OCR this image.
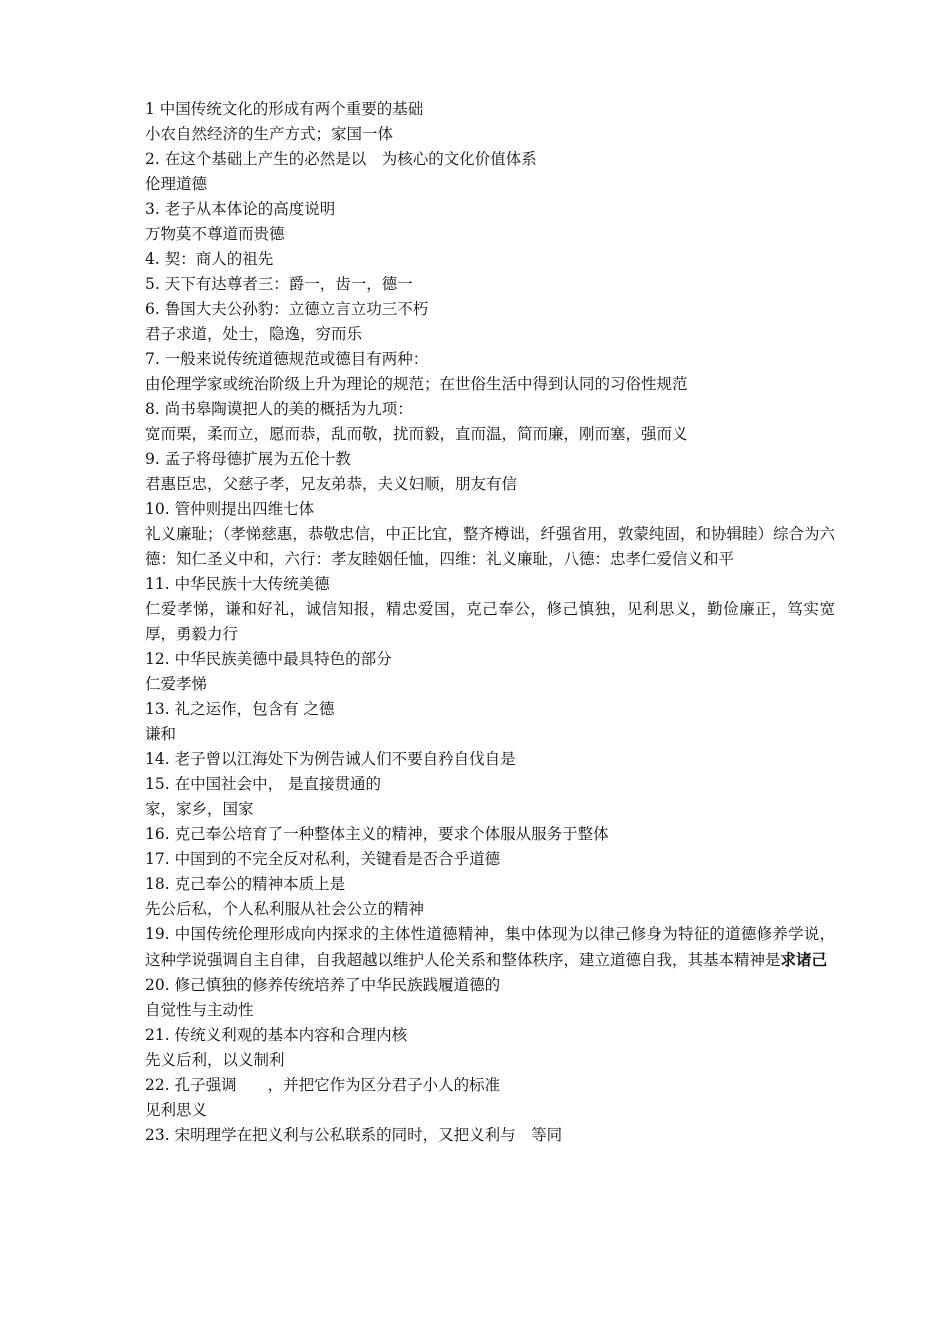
1 中国传统文化的形成有两个重要的基础
小农自然经济的生产方式；家国一体
2. 在这个基础上产生的必然是以　为核心的文化价值体系
伦理道德
3. 老子从本体论的高度说明
万物莫不尊道而贵德
4. 契：商人的祖先
5. 天下有达尊者三：爵一，齿一，德一
6. 鲁国大夫公孙豹：立德立言立功三不朽
君子求道，处士，隐逸，穷而乐
7. 一般来说传统道德规范或德目有两种：
由伦理学家或统治阶级上升为理论的规范；在世俗生活中得到认同的习俗性规范
8. 尚书皋陶谟把人的美的概括为九项：
宽而栗，柔而立，愿而恭，乱而敬，扰而毅，直而温，简而廉，刚而塞，强而义
9. 孟子将母德扩展为五伦十教
君惠臣忠，父慈子孝，兄友弟恭，夫义妇顺，朋友有信
10. 管仲则提出四维七体
礼义廉耻；（孝悌慈惠，恭敬忠信，中正比宜，整齐樽诎，纤强省用，敦蒙纯固，和协辑睦）综合为六德：知仁圣义中和，六行：孝友睦姻任恤，四维：礼义廉耻，八德：忠孝仁爱信义和平
11. 中华民族十大传统美德
仁爱孝悌，谦和好礼，诚信知报，精忠爱国，克己奉公，修己慎独，见利思义，勤俭廉正，笃实宽厚，勇毅力行
12. 中华民族美德中最具特色的部分
仁爱孝悌
13. 礼之运作，包含有 之德
谦和
14. 老子曾以江海处下为例告诫人们不要自矜自伐自是
15. 在中国社会中， 是直接贯通的
家，家乡，国家
16. 克己奉公培育了一种整体主义的精神，要求个体服从服务于整体
17. 中国到的不完全反对私利，关键看是否合乎道德
18. 克己奉公的精神本质上是
先公后私，个人私利服从社会公立的精神
19. 中国传统伦理形成向内探求的主体性道德精神，集中体现为以律己修身为特征的道德修养学说，这种学说强调自主自律，自我超越以维护人伦关系和整体秩序，建立道德自我，其基本精神是求诸己
20. 修己慎独的修养传统培养了中华民族践履道德的
自觉性与主动性
21. 传统义利观的基本内容和合理内核
先义后利，以义制利
22. 孔子强调　　，并把它作为区分君子小人的标准
见利思义
23. 宋明理学在把义利与公私联系的同时，又把义利与　等同
